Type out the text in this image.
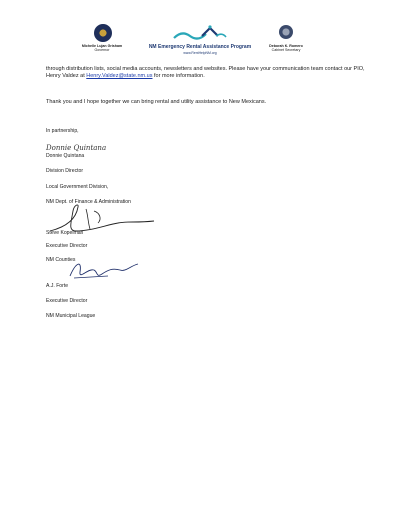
Michelle Lujan Grisham
Governor
NM Emergency Rental Assistance Program
www.RentHelpNM.org
Deborah K. Romero
Cabinet Secretary
through distribution lists, social media accounts, newsletters and websites. Please have your communication team contact our PIO, Henry Valdez at Henry.Valdez@state.nm.us for more information.
Thank you and I hope together we can bring rental and utility assistance to New Mexicans.
In partnership,
Donnie Quintana
Donnie Quintana
Division Director
Local Government Division,
NM Dept. of Finance & Administration
Steve Kopelman
Executive Director
NM Counties
A.J. Forte
Executive Director
NM Municipal League
